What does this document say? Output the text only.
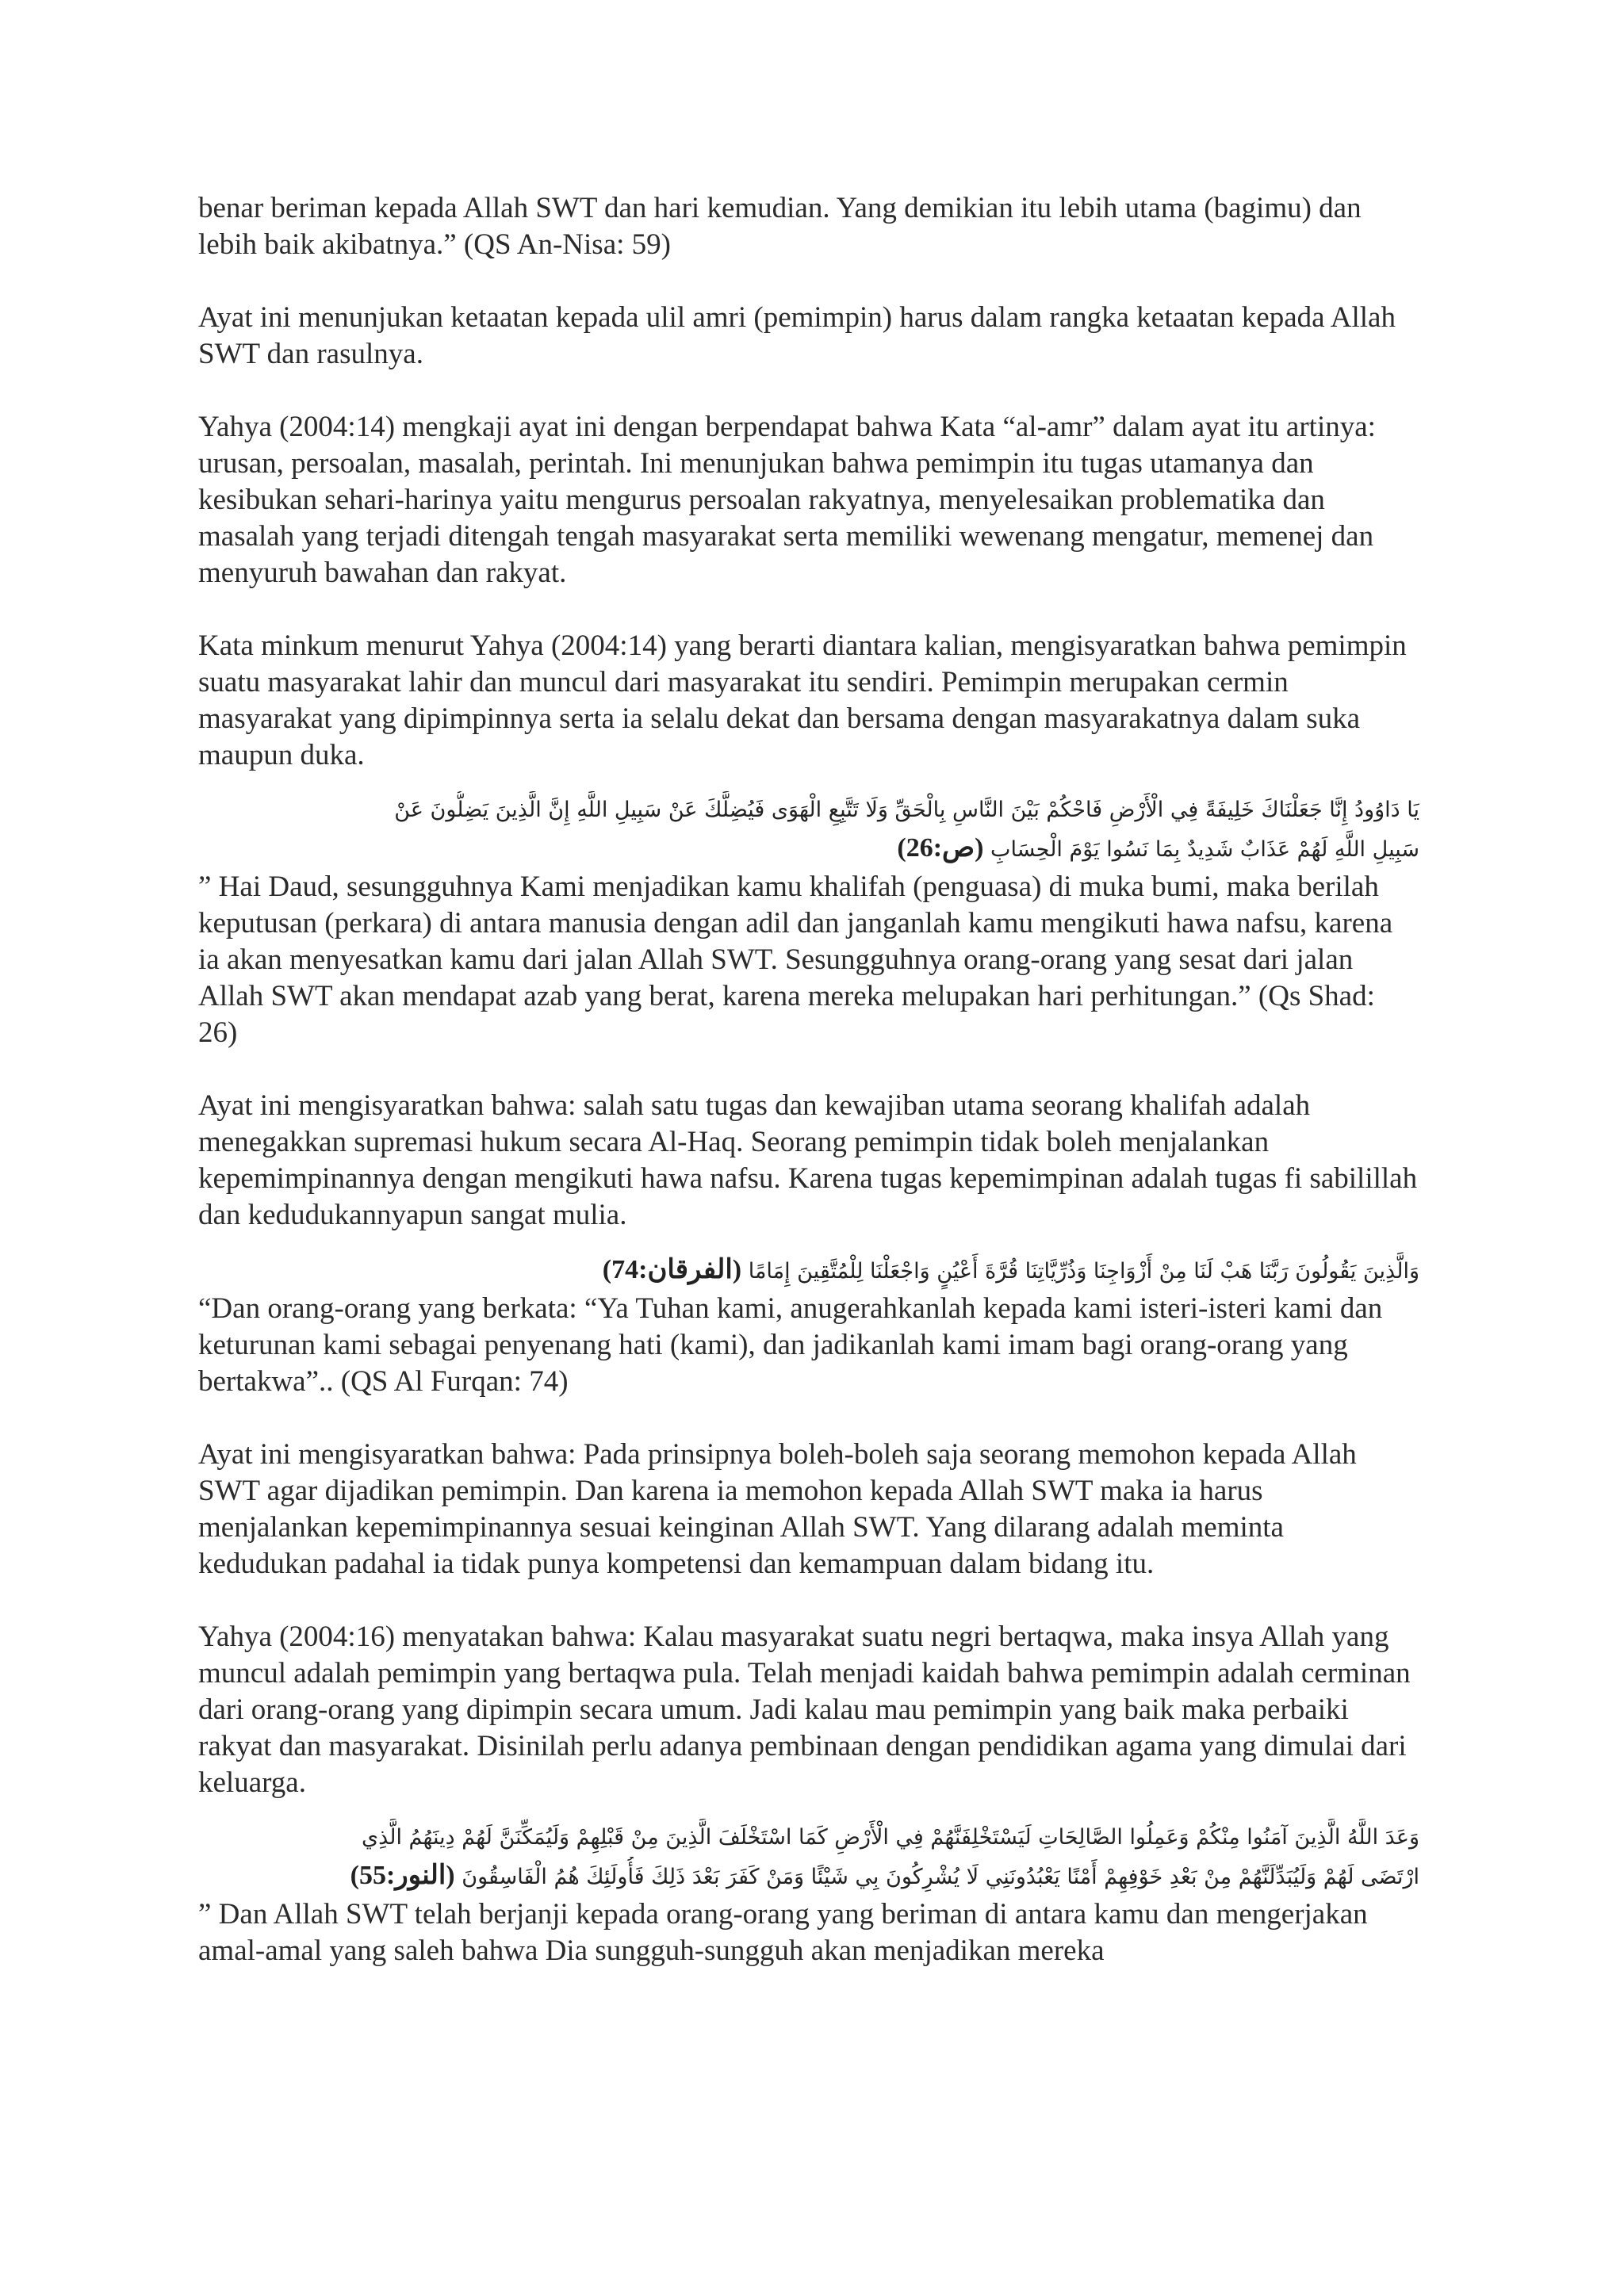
benar beriman kepada Allah SWT dan hari kemudian. Yang demikian itu lebih utama (bagimu) dan lebih baik akibatnya.” (QS An-Nisa: 59)

Ayat ini menunjukan ketaatan kepada ulil amri (pemimpin) harus dalam rangka ketaatan kepada Allah SWT dan rasulnya.

Yahya (2004:14) mengkaji ayat ini dengan berpendapat bahwa Kata “al-amr” dalam ayat itu artinya: urusan, persoalan, masalah, perintah. Ini menunjukan bahwa pemimpin itu tugas utamanya dan kesibukan sehari-harinya yaitu mengurus persoalan rakyatnya, menyelesaikan problematika dan masalah yang terjadi ditengah tengah masyarakat serta memiliki wewenang mengatur, memenej dan menyuruh bawahan dan rakyat.

Kata minkum menurut Yahya (2004:14) yang berarti diantara kalian, mengisyaratkan bahwa pemimpin suatu masyarakat lahir dan muncul dari masyarakat itu sendiri. Pemimpin merupakan cermin masyarakat yang dipimpinnya serta ia selalu dekat dan bersama dengan masyarakatnya dalam suka maupun duka.

يَا دَاوُودُ إِنَّا جَعَلْنَاكَ خَلِيفَةً فِي الْأَرْضِ فَاحْكُمْ بَيْنَ النَّاسِ بِالْحَقِّ وَلَا تَتَّبِعِ الْهَوَى فَيُضِلَّكَ عَنْ سَبِيلِ اللَّهِ إِنَّ الَّذِينَ يَضِلُّونَ عَنْ
سَبِيلِ اللَّهِ لَهُمْ عَذَابٌ شَدِيدٌ بِمَا نَسُوا يَوْمَ الْحِسَابِ (ص:26)

” Hai Daud, sesungguhnya Kami menjadikan kamu khalifah (penguasa) di muka bumi, maka berilah keputusan (perkara) di antara manusia dengan adil dan janganlah kamu mengikuti hawa nafsu, karena ia akan menyesatkan kamu dari jalan Allah SWT. Sesungguhnya orang-orang yang sesat dari jalan Allah SWT akan mendapat azab yang berat, karena mereka melupakan hari perhitungan.” (Qs Shad: 26)

Ayat ini mengisyaratkan bahwa: salah satu tugas dan kewajiban utama seorang khalifah adalah menegakkan supremasi hukum secara Al-Haq. Seorang pemimpin tidak boleh menjalankan kepemimpinannya dengan mengikuti hawa nafsu. Karena tugas kepemimpinan adalah tugas fi sabilillah dan kedudukannyapun sangat mulia.

وَالَّذِينَ يَقُولُونَ رَبَّنَا هَبْ لَنَا مِنْ أَزْوَاجِنَا وَذُرِّيَّاتِنَا قُرَّةَ أَعْيُنٍ وَاجْعَلْنَا لِلْمُتَّقِينَ إِمَامًا (الفرقان:74)

“Dan orang-orang yang berkata: “Ya Tuhan kami, anugerahkanlah kepada kami isteri-isteri kami dan keturunan kami sebagai penyenang hati (kami), dan jadikanlah kami imam bagi orang-orang yang bertakwa”.. (QS Al Furqan: 74)

Ayat ini mengisyaratkan bahwa: Pada prinsipnya boleh-boleh saja seorang memohon kepada Allah SWT agar dijadikan pemimpin. Dan karena ia memohon kepada Allah SWT maka ia harus menjalankan kepemimpinannya sesuai keinginan Allah SWT. Yang dilarang adalah meminta kedudukan padahal ia tidak punya kompetensi dan kemampuan dalam bidang itu.

Yahya (2004:16) menyatakan bahwa: Kalau masyarakat suatu negri bertaqwa, maka insya Allah yang muncul adalah pemimpin yang bertaqwa pula. Telah menjadi kaidah bahwa pemimpin adalah cerminan dari orang-orang yang dipimpin secara umum. Jadi kalau mau pemimpin yang baik maka perbaiki rakyat dan masyarakat. Disinilah perlu adanya pembinaan dengan pendidikan agama yang dimulai dari keluarga.

وَعَدَ اللَّهُ الَّذِينَ آمَنُوا مِنْكُمْ وَعَمِلُوا الصَّالِحَاتِ لَيَسْتَخْلِفَنَّهُمْ فِي الْأَرْضِ كَمَا اسْتَخْلَفَ الَّذِينَ مِنْ قَبْلِهِمْ وَلَيُمَكِّنَنَّ لَهُمْ دِينَهُمُ الَّذِي
ارْتَضَى لَهُمْ وَلَيُبَدِّلَنَّهُمْ مِنْ بَعْدِ خَوْفِهِمْ أَمْنًا يَعْبُدُونَنِي لَا يُشْرِكُونَ بِي شَيْئًا وَمَنْ كَفَرَ بَعْدَ ذَلِكَ فَأُولَئِكَ هُمُ الْفَاسِقُونَ (النور:55)

” Dan Allah SWT telah berjanji kepada orang-orang yang beriman di antara kamu dan mengerjakan amal-amal yang saleh bahwa Dia sungguh-sungguh akan menjadikan mereka
